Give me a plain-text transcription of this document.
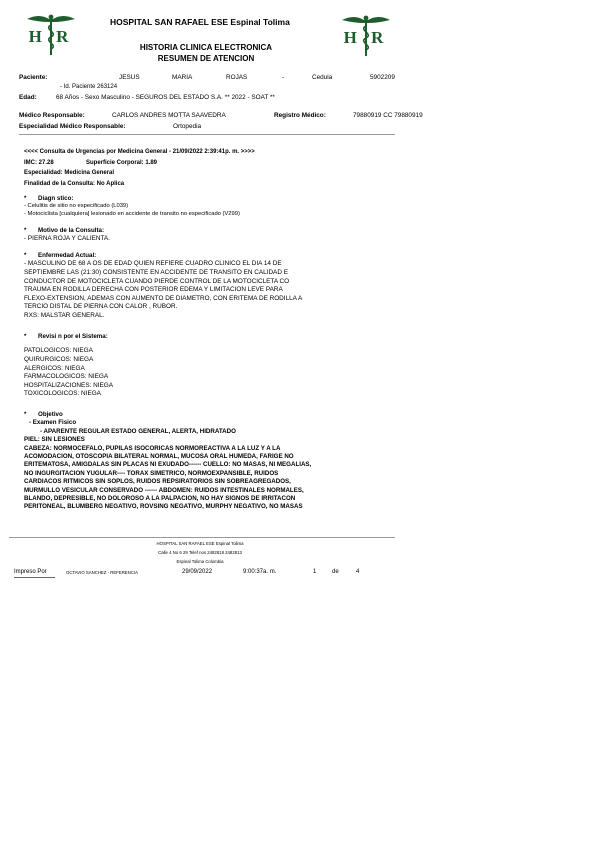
H R	H R
HOSPITAL SAN RAFAEL ESE Espinal Tolima
HISTORIA CLINICA ELECTRONICA
RESUMEN DE ATENCION
Paciente:	JESUS	MARIA	ROJAS	-	Cedula	5902209
- Id. Paciente 263124
Edad:	68 Años - Sexo Masculino - SEGUROS DEL ESTADO S.A. ** 2022 - SOAT **
Médico Responsable:	CARLOS ANDRES MOTTA SAAVEDRA	Registro Médico:	79880919 CC 79880919
Especialidad Médico Responsable:	Ortopedia
<<<< Consulta de Urgencias por Medicina General - 21/09/2022 2:39:41p. m. >>>>
IMC: 27.28	Superficie Corporal: 1.89
Especialidad: Medicina General
Finalidad de la Consulta: No Aplica
* Diagn stico:
- Celulitis de sitio no especificado (L039)
- Motociclista [cualquiera] lesionado en accidente de transito no especificado (V299)
* Motivo de la Consulta:
- PIERNA ROJA Y CALIENTA.
* Enfermedad Actual:
- MASCULINO DE 68 A OS DE EDAD QUIEN REFIERE CUADRO CLINICO EL DIA 14 DE
SEPTIEMBRE LAS (21:30) CONSISTENTE EN ACCIDENTE DE TRANSITO EN CALIDAD E
CONDUCTOR DE MOTOCICLETA CUANDO PIERDE CONTROL DE LA MOTOCICLETA CO
TRAUMA EN RODILLA DERECHA CON POSTERIOR EDEMA Y LIMITACION LEVE PARA
FLEXO-EXTENSION, ADEMAS CON AUMENTO DE DIAMETRO, CON ERITEMA DE RODILLA A
TERCIO DISTAL DE PIERNA CON CALOR , RUBOR.
RXS: MALSTAR GENERAL.
* Revisi n por el Sistema:
PATOLOGICOS: NIEGA
QUIRURGICOS: NIEGA
ALERGICOS: NIEGA
FARMACOLOGICOS: NIEGA
HOSPITALIZACIONES: NIEGA
TOXICOLOGICOS: NIEGA
* Objetivo
- Examen Fisico
- APARENTE REGULAR ESTADO GENERAL, ALERTA, HIDRATADO
PIEL: SIN LESIONES
CABEZA: NORMOCEFALO, PUPILAS ISOCORICAS NORMOREACTIVA A LA LUZ Y A LA
ACOMODACION, OTOSCOPIA BILATERAL NORMAL, MUCOSA ORAL HUMEDA, FARIGE NO
ERITEMATOSA, AMIGDALAS SIN PLACAS NI EXUDADO------ CUELLO: NO MASAS, NI MEGALIAS,
NO INGURGITACION YUGULAR---- TORAX SIMETRICO, NORMOEXPANSIBLE, RUIDOS
CARDIACOS RITMICOS SIN SOPLOS, RUIDOS REPSIRATORIOS SIN SOBREAGREGADOS,
MURMULLO VESICULAR CONSERVADO ------ ABDOMEN: RUIDOS INTESTINALES NORMALES,
BLANDO, DEPRESIBLE, NO DOLOROSO A LA PALPACION, NO HAY SIGNOS DE IRRITACON
PERITONEAL, BLUMBERG NEGATIVO, ROVSING NEGATIVO, MURPHY NEGATIVO, NO MASAS
HOSPITAL SAN RAFAEL ESE Espinal Tolima
Calle 4 No 6 29 Telef nos 2482818 2482813
Espinal Tolima Colombia
Impreso Por	OCTAVIO SANCHEZ - REFERENCIA	29/09/2022	9:00:37a. m.	1	de	4
